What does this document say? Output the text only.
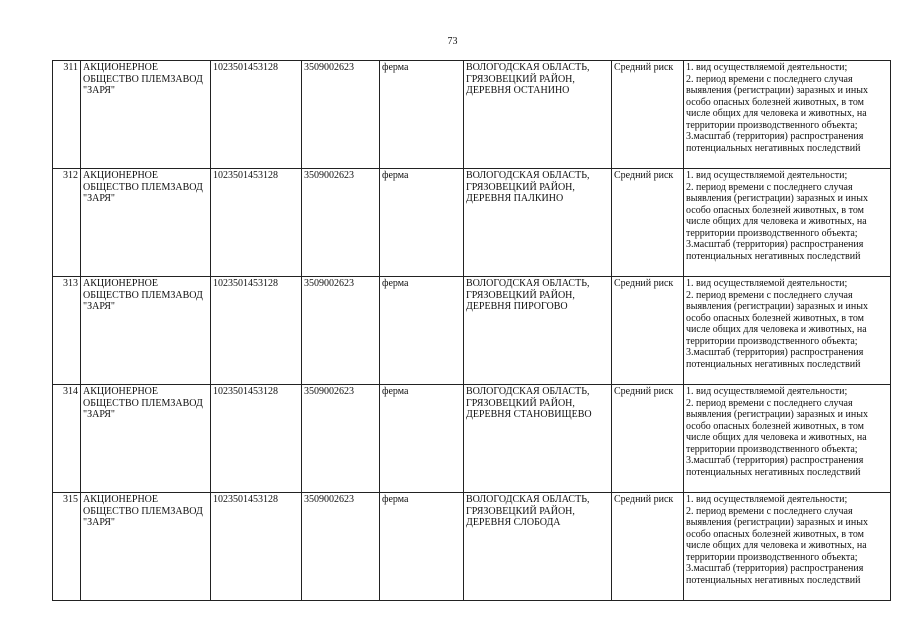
73
311	АКЦИОНЕРНОЕ ОБЩЕСТВО ПЛЕМЗАВОД "ЗАРЯ"	1023501453128	3509002623	ферма	ВОЛОГОДСКАЯ ОБЛАСТЬ, ГРЯЗОВЕЦКИЙ РАЙОН, ДЕРЕВНЯ ОСТАНИНО	Средний риск	1. вид осуществляемой деятельности;
2. период времени с последнего случая выявления (регистрации) заразных и иных особо опасных болезней животных, в том числе общих для человека и животных, на территории производственного объекта;
3.масштаб (территория) распространения потенциальных негативных последствий

312	АКЦИОНЕРНОЕ ОБЩЕСТВО ПЛЕМЗАВОД "ЗАРЯ"	1023501453128	3509002623	ферма	ВОЛОГОДСКАЯ ОБЛАСТЬ, ГРЯЗОВЕЦКИЙ РАЙОН, ДЕРЕВНЯ ПАЛКИНО	Средний риск	1. вид осуществляемой деятельности;
2. период времени с последнего случая выявления (регистрации) заразных и иных особо опасных болезней животных, в том числе общих для человека и животных, на территории производственного объекта;
3.масштаб (территория) распространения потенциальных негативных последствий

313	АКЦИОНЕРНОЕ ОБЩЕСТВО ПЛЕМЗАВОД "ЗАРЯ"	1023501453128	3509002623	ферма	ВОЛОГОДСКАЯ ОБЛАСТЬ, ГРЯЗОВЕЦКИЙ РАЙОН, ДЕРЕВНЯ ПИРОГОВО	Средний риск	1. вид осуществляемой деятельности;
2. период времени с последнего случая выявления (регистрации) заразных и иных особо опасных болезней животных, в том числе общих для человека и животных, на территории производственного объекта;
3.масштаб (территория) распространения потенциальных негативных последствий

314	АКЦИОНЕРНОЕ ОБЩЕСТВО ПЛЕМЗАВОД "ЗАРЯ"	1023501453128	3509002623	ферма	ВОЛОГОДСКАЯ ОБЛАСТЬ, ГРЯЗОВЕЦКИЙ РАЙОН, ДЕРЕВНЯ СТАНОВИЩЕВО	Средний риск	1. вид осуществляемой деятельности;
2. период времени с последнего случая выявления (регистрации) заразных и иных особо опасных болезней животных, в том числе общих для человека и животных, на территории производственного объекта;
3.масштаб (территория) распространения потенциальных негативных последствий

315	АКЦИОНЕРНОЕ ОБЩЕСТВО ПЛЕМЗАВОД "ЗАРЯ"	1023501453128	3509002623	ферма	ВОЛОГОДСКАЯ ОБЛАСТЬ, ГРЯЗОВЕЦКИЙ РАЙОН, ДЕРЕВНЯ СЛОБОДА	Средний риск	1. вид осуществляемой деятельности;
2. период времени с последнего случая выявления (регистрации) заразных и иных особо опасных болезней животных, в том числе общих для человека и животных, на территории производственного объекта;
3.масштаб (территория) распространения потенциальных негативных последствий
